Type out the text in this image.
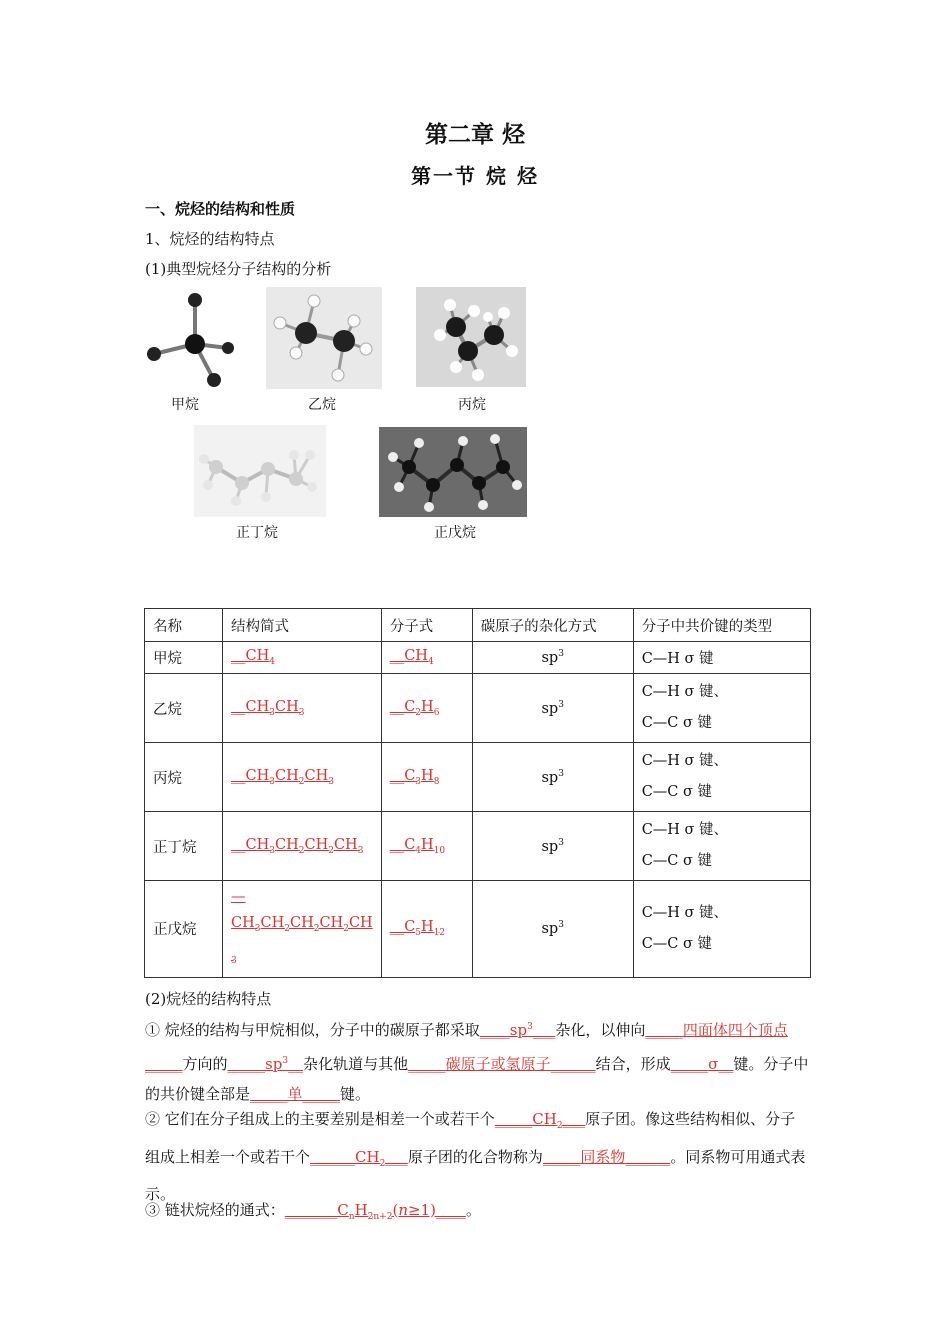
第二章 烃
第一节 烷 烃
一、烷烃的结构和性质
1、烷烃的结构特点
(1)典型烷烃分子结构的分析
甲烷	乙烷	丙烷
正丁烷	正戊烷
名称	结构简式	分子式	碳原子的杂化方式	分子中共价键的类型
甲烷	$\_\_CH_4$	$\_\_CH_4$	$sp^3$	C—H σ 键
乙烷	$\_\_CH_3CH_3$	$\_\_C_2H_6$	$sp^3$	C—H σ 键、
C—C σ 键
丙烷	$\_\_CH_3CH_2CH_3$	$\_\_C_3H_8$	$sp^3$	C—H σ 键、
C—C σ 键
正丁烷	$\_\_CH_3CH_2CH_2CH_3$	$\_\_C_4H_{10}$	$sp^3$	C—H σ 键、
C—C σ 键
正戊烷	—
$CH_3CH_2CH_2CH_2CH$
$_3$	$\_\_C_5H_{12}$	$sp^3$	C—H σ 键、
C—C σ 键
(2)烷烃的结构特点
① 烷烃的结构与甲烷相似，分子中的碳原子都采取$\_\_\_\_sp^3\_\_\_$杂化，以伸向_____四面体四个顶点_____方向的$\_\_\_\_\_sp^3\_\_$杂化轨道与其他_____碳原子或氢原子______结合，形成_____σ__键。分子中的共价键全部是_____单_____键。
② 它们在分子组成上的主要差别是相差一个或若干个$\_\_\_\_\_CH_2\_\_\_$原子团。像这些结构相似、分子组成上相差一个或若干个$\_\_\_\_\_\_CH_2\_\_\_$原子团的化合物称为_____同系物______。同系物可用通式表示。
③ 链状烷烃的通式：$\_\_\_\_\_\_\_C_nH_{2n+2}(n\ge 1)\_\_\_\_$。
